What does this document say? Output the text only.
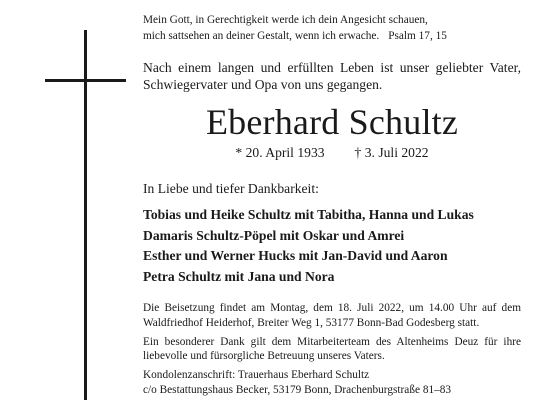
Mein Gott, in Gerechtigkeit werde ich dein Angesicht schauen,
mich sattsehen an deiner Gestalt, wenn ich erwache. Psalm 17, 15
Nach einem langen und erfüllten Leben ist unser geliebter Vater, Schwiegervater und Opa von uns gegangen.
Eberhard Schultz
* 20. April 1933 † 3. Juli 2022
In Liebe und tiefer Dankbarkeit:
Tobias und Heike Schultz mit Tabitha, Hanna und Lukas
Damaris Schultz-Pöpel mit Oskar und Amrei
Esther und Werner Hucks mit Jan-David und Aaron
Petra Schultz mit Jana und Nora

Die Beisetzung findet am Montag, dem 18. Juli 2022, um 14.00 Uhr auf dem Waldfriedhof Heiderhof, Breiter Weg 1, 53177 Bonn-Bad Godesberg statt.

Ein besonderer Dank gilt dem Mitarbeiterteam des Altenheims Deuz für ihre liebevolle und fürsorgliche Betreuung unseres Vaters.

Kondolenzanschrift: Trauerhaus Eberhard Schultz
c/o Bestattungshaus Becker, 53179 Bonn, Drachenburgstraße 81–83
